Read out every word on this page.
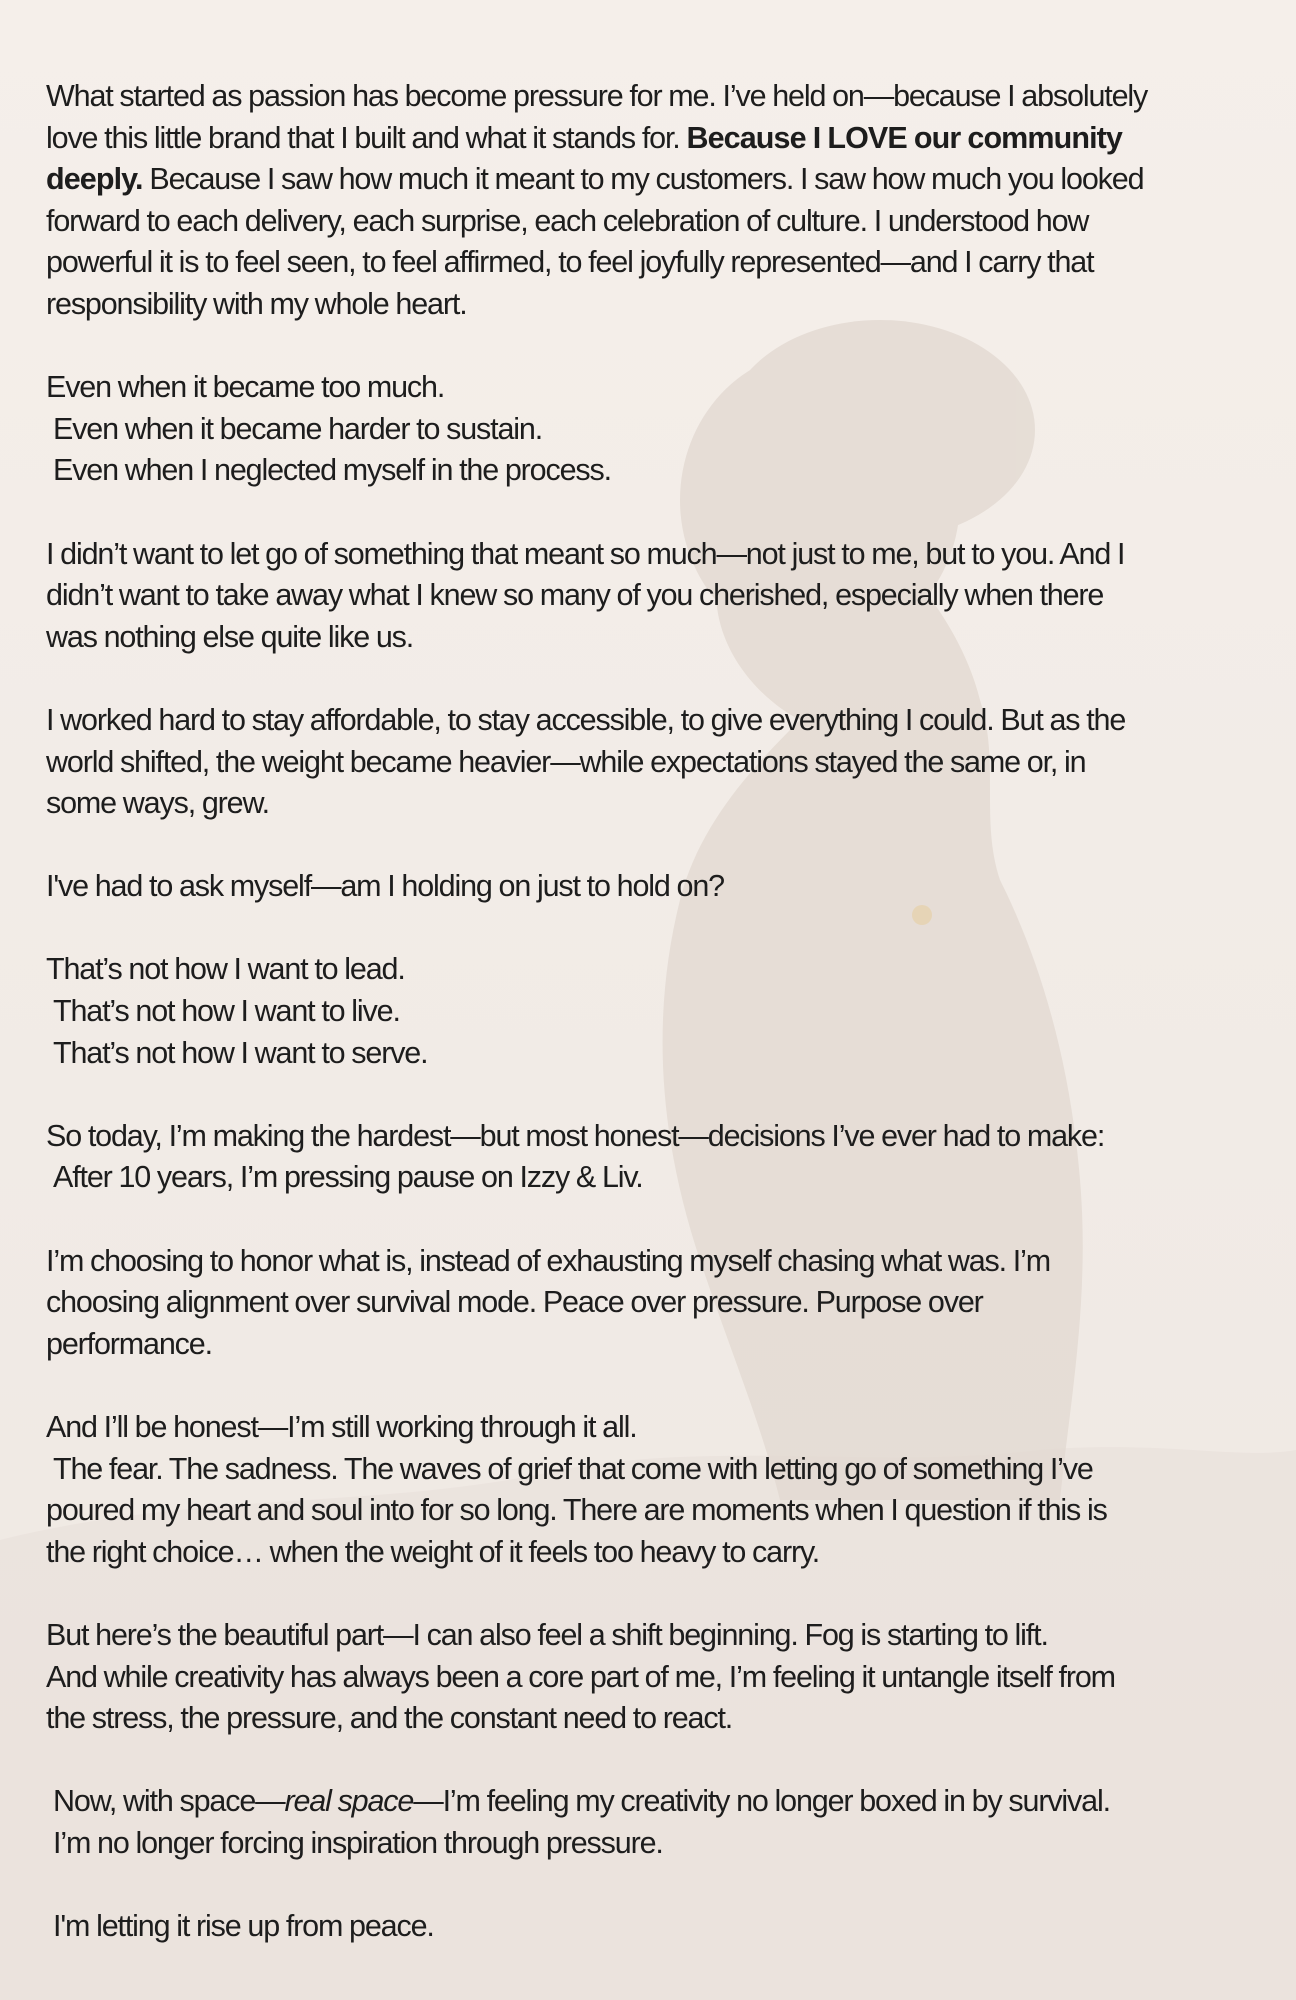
What started as passion has become pressure for me. I’ve held on—because I absolutely
love this little brand that I built and what it stands for. Because I LOVE our community
deeply. Because I saw how much it meant to my customers. I saw how much you looked
forward to each delivery, each surprise, each celebration of culture. I understood how
powerful it is to feel seen, to feel affirmed, to feel joyfully represented—and I carry that
responsibility with my whole heart.
Even when it became too much.
Even when it became harder to sustain.
Even when I neglected myself in the process.
I didn’t want to let go of something that meant so much—not just to me, but to you. And I
didn’t want to take away what I knew so many of you cherished, especially when there
was nothing else quite like us.
I worked hard to stay affordable, to stay accessible, to give everything I could. But as the
world shifted, the weight became heavier—while expectations stayed the same or, in
some ways, grew.
I've had to ask myself—am I holding on just to hold on?
That’s not how I want to lead.
That’s not how I want to live.
That’s not how I want to serve.
So today, I’m making the hardest—but most honest—decisions I’ve ever had to make:
After 10 years, I’m pressing pause on Izzy & Liv.
I’m choosing to honor what is, instead of exhausting myself chasing what was. I’m
choosing alignment over survival mode. Peace over pressure. Purpose over
performance.
And I’ll be honest—I’m still working through it all.
The fear. The sadness. The waves of grief that come with letting go of something I’ve
poured my heart and soul into for so long. There are moments when I question if this is
the right choice… when the weight of it feels too heavy to carry.
But here’s the beautiful part—I can also feel a shift beginning. Fog is starting to lift.
And while creativity has always been a core part of me, I’m feeling it untangle itself from
the stress, the pressure, and the constant need to react.
Now, with space—real space—I’m feeling my creativity no longer boxed in by survival.
I’m no longer forcing inspiration through pressure.
I'm letting it rise up from peace.
